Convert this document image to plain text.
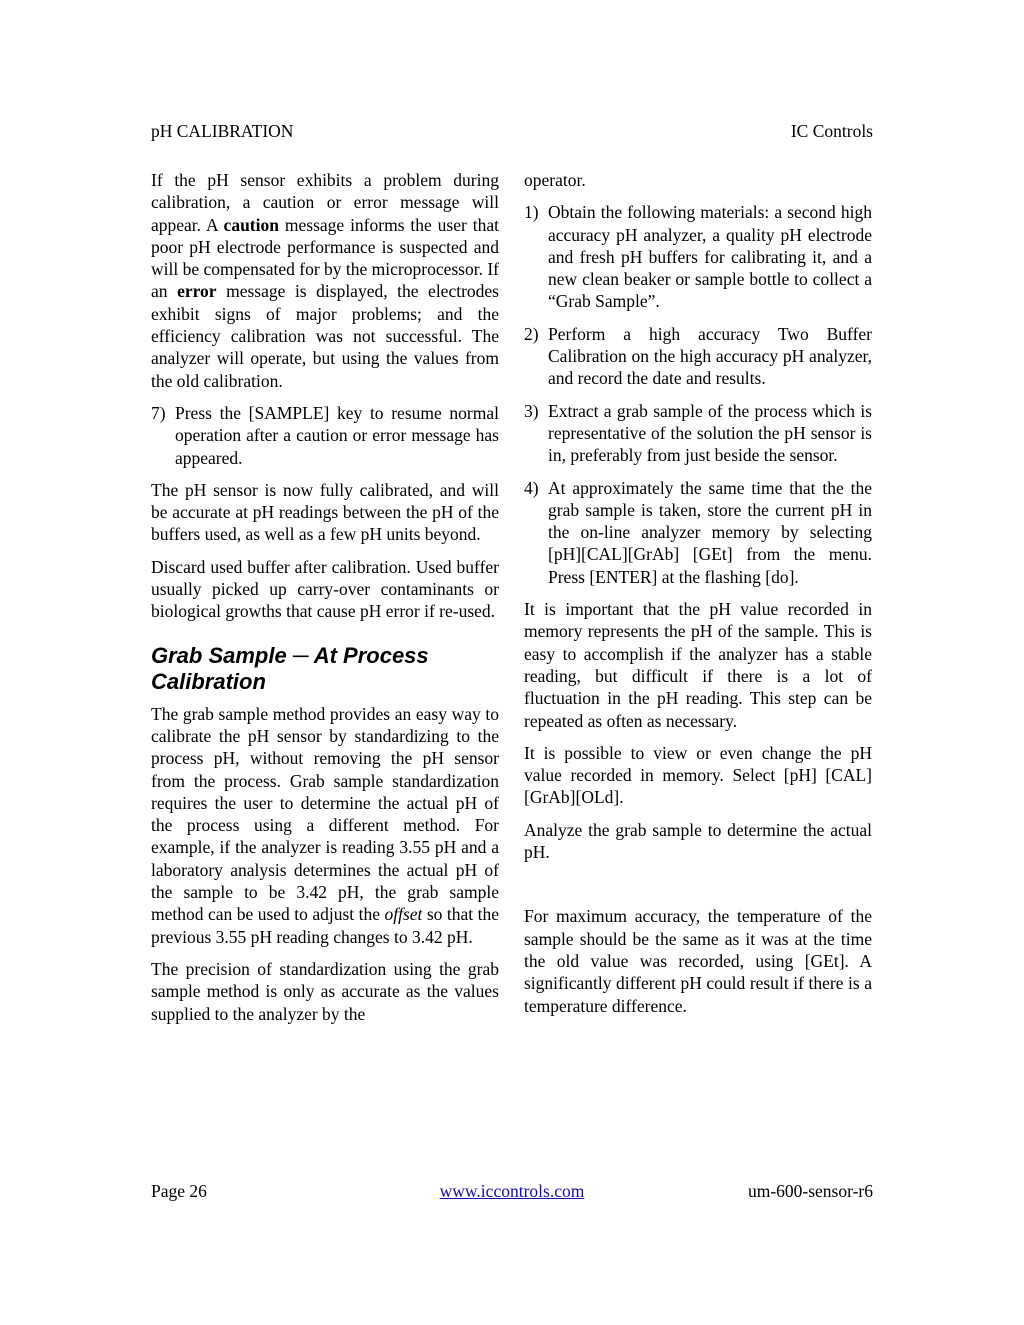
pH CALIBRATION	IC Controls

If the pH sensor exhibits a problem during calibration, a caution or error message will appear. A caution message informs the user that poor pH electrode performance is suspected and will be compensated for by the microprocessor. If an error message is displayed, the electrodes exhibit signs of major problems; and the efficiency calibration was not successful. The analyzer will operate, but using the values from the old calibration.

7) Press the [SAMPLE] key to resume normal operation after a caution or error message has appeared.

The pH sensor is now fully calibrated, and will be accurate at pH readings between the pH of the buffers used, as well as a few pH units beyond.

Discard used buffer after calibration. Used buffer usually picked up carry-over contaminants or biological growths that cause pH error if re-used.

Grab Sample ─ At Process Calibration

The grab sample method provides an easy way to calibrate the pH sensor by standardizing to the process pH, without removing the pH sensor from the process. Grab sample standardization requires the user to determine the actual pH of the process using a different method. For example, if the analyzer is reading 3.55 pH and a laboratory analysis determines the actual pH of the sample to be 3.42 pH, the grab sample method can be used to adjust the offset so that the previous 3.55 pH reading changes to 3.42 pH.

The precision of standardization using the grab sample method is only as accurate as the values supplied to the analyzer by the

operator.

1) Obtain the following materials: a second high accuracy pH analyzer, a quality pH electrode and fresh pH buffers for calibrating it, and a new clean beaker or sample bottle to collect a “Grab Sample”.
2) Perform a high accuracy Two Buffer Calibration on the high accuracy pH analyzer, and record the date and results.
3) Extract a grab sample of the process which is representative of the solution the pH sensor is in, preferably from just beside the sensor.
4) At approximately the same time that the the grab sample is taken, store the current pH in the on-line analyzer memory by selecting [pH][CAL][GrAb] [GEt] from the menu. Press [ENTER] at the flashing [do].

It is important that the pH value recorded in memory represents the pH of the sample. This is easy to accomplish if the analyzer has a stable reading, but difficult if there is a lot of fluctuation in the pH reading. This step can be repeated as often as necessary.

It is possible to view or even change the pH value recorded in memory. Select [pH] [CAL][GrAb][OLd].

Analyze the grab sample to determine the actual pH.

For maximum accuracy, the temperature of the sample should be the same as it was at the time the old value was recorded, using [GEt]. A significantly different pH could result if there is a temperature difference.

Page 26	www.iccontrols.com	um-600-sensor-r6
